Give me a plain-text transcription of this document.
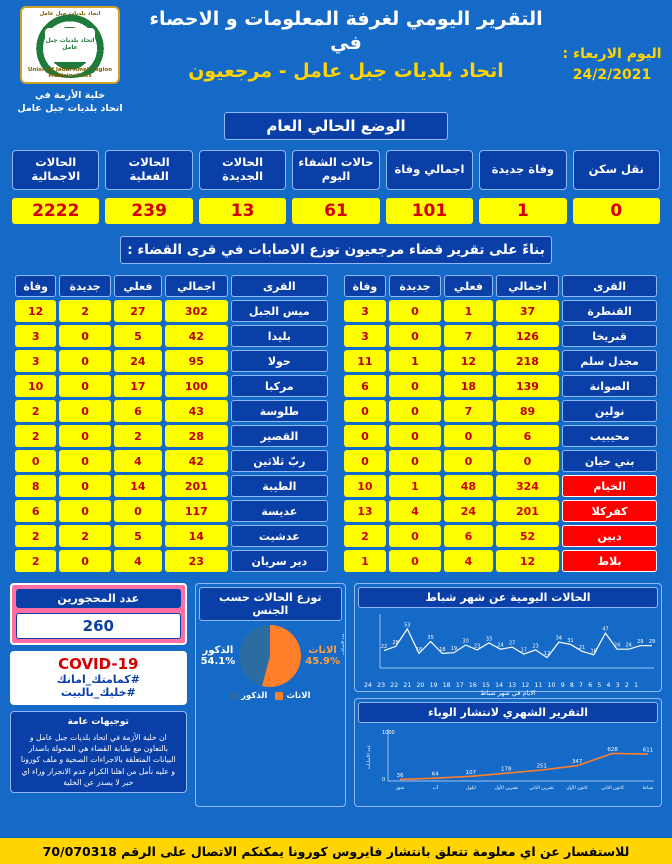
اتحاد بلديات جبل عامل
اتحاد بلديات جبل عامل
Union of Jabal Amel Region Municipalities
خلية الأزمة في
اتحاد بلديات جبل عامل
التقرير اليومي لغرفة المعلومات و الاحصاء في
اتحاد بلديات جبل عامل - مرجعيون
اليوم الاربعاء :
24/2/2021
الوضع الحالي العام
الحالات الاجمالية
2222
الحالات الفعلية
239
الحالات الجديدة
13
حالات الشفاء اليوم
61
اجمالي وفاة
101
وفاة جديدة
1
نقل سكن
0
بناءً على تقرير قضاء مرجعيون توزع الاصابات في قرى القضاء :
القرى	اجمالي	فعلي	جديدة	وفاة
ميس الجبل	302	27	2	12
بليدا	42	5	0	3
حولا	95	24	0	3
مركبا	100	17	0	10
طلوسة	43	6	0	2
القصير	28	2	0	2
ربّ ثلاثين	42	4	0	0
الطيبة	201	14	0	8
عديسة	117	0	0	6
عدشيت	14	5	2	2
دير سريان	23	4	0	2
القرى	اجمالي	فعلي	جديدة	وفاة
القنطرة	37	1	0	3
قبريخا	126	7	0	3
مجدل سلم	218	12	1	11
الصوانة	139	18	0	6
نولين	89	7	0	0
محيبيب	6	0	0	0
بني حيان	0	0	0	0
الخيام	324	48	1	10
كفركلا	201	24	4	13
دبين	52	6	0	2
بلاط	12	4	0	1
عدد المحجورين
260
COVID-19
#كمامتك_امانك
#خليك_بالبيت
توجيهات عامة
ان خلية الأزمة في اتحاد بلديات جبل عامل و بالتعاون مع طبابة القضاء هي المخولة باصدار
البيانات المتعلقة بالاجراءات الصحية و ملف كورونا
و عليه نأمل من اهلنا الكرام عدم الانجرار وراء اي خبر لا يصدر عن الخلية
توزع الحالات حسب الجنس
الذكور
54.1%
الاناث
45.9%
الذكور الاناث
الحالات اليومية عن شهر شباط
22
28
53
18
35
18 19
30
23
33
24 27
17
23
12
34 31
21
16
47
24 24
29 29
عدد الاصابات
1
2
3
4
5
6
7
8
9
10
11
12
13
14
15
16
17
18
19
20
21
22
23
24
الايام في شهر شباط
التقرير الشهري لانتشار الوباء
1000
0
عدد الاصابات
36	64	107
178
251
347
628	611
تموز	آب	ايلول	تشرين الأول تشرين الثاني	كانون الأول	كانون الثاني	شباط
للاستفسار عن اي معلومة تتعلق بانتشار فايروس كورونا يمكنكم الاتصال على الرقم 70/070318
